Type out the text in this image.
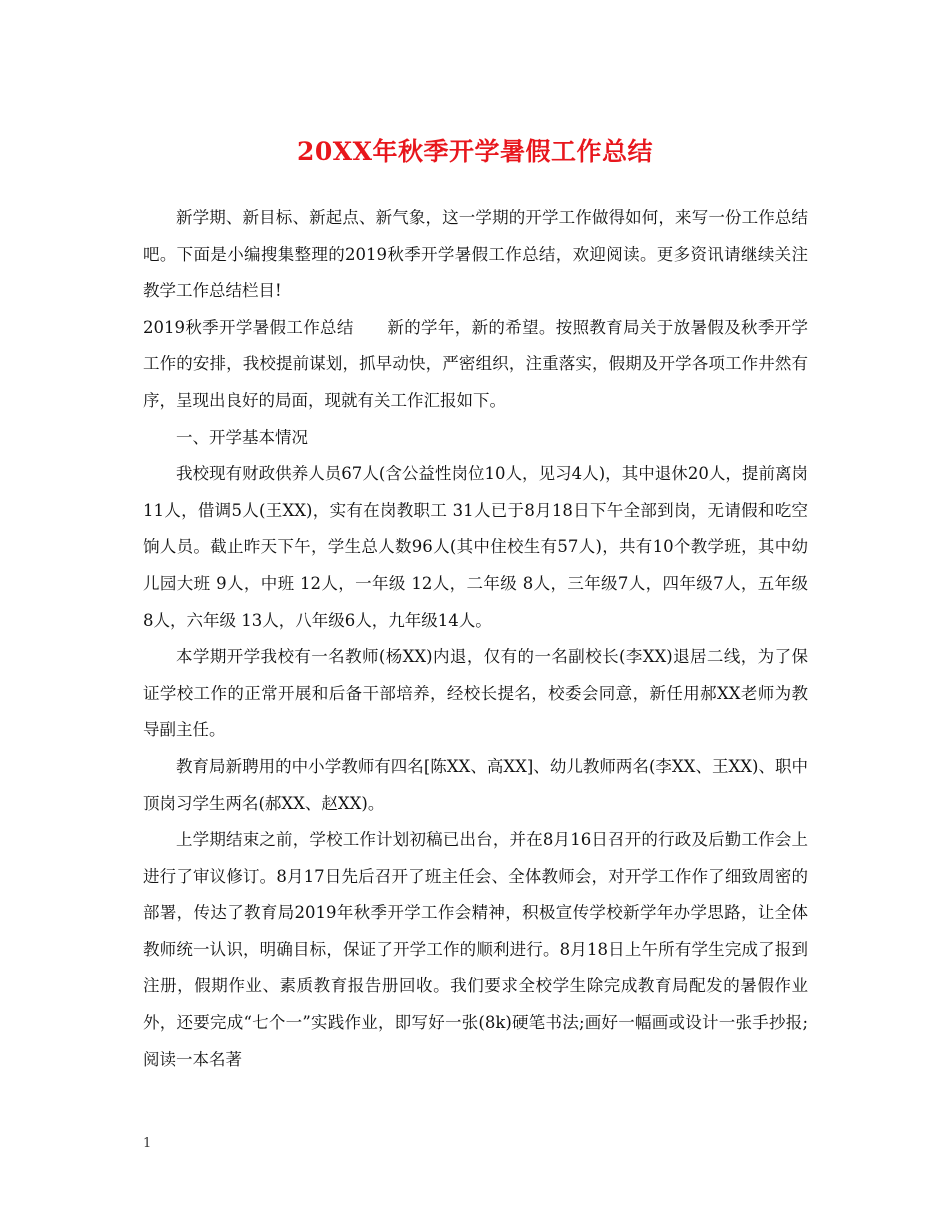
20XX年秋季开学暑假工作总结

新学期、新目标、新起点、新气象，这一学期的开学工作做得如何，来写一份工作总结吧。下面是小编搜集整理的2019秋季开学暑假工作总结，欢迎阅读。更多资讯请继续关注教学工作总结栏目!

2019秋季开学暑假工作总结　　新的学年，新的希望。按照教育局关于放暑假及秋季开学工作的安排，我校提前谋划，抓早动快，严密组织，注重落实，假期及开学各项工作井然有序，呈现出良好的局面，现就有关工作汇报如下。

一、开学基本情况

我校现有财政供养人员67人(含公益性岗位10人，见习4人)，其中退休20人，提前离岗11人，借调5人(王XX)，实有在岗教职工 31人已于8月18日下午全部到岗，无请假和吃空饷人员。截止昨天下午，学生总人数96人(其中住校生有57人)，共有10个教学班，其中幼儿园大班 9人，中班 12人，一年级 12人，二年级 8人，三年级7人，四年级7人，五年级 8人，六年级 13人，八年级6人，九年级14人。

本学期开学我校有一名教师(杨XX)内退，仅有的一名副校长(李XX)退居二线，为了保证学校工作的正常开展和后备干部培养，经校长提名，校委会同意，新任用郝XX老师为教导副主任。

教育局新聘用的中小学教师有四名[陈XX、高XX]、幼儿教师两名(李XX、王XX)、职中顶岗习学生两名(郝XX、赵XX)。

上学期结束之前，学校工作计划初稿已出台，并在8月16日召开的行政及后勤工作会上进行了审议修订。8月17日先后召开了班主任会、全体教师会，对开学工作作了细致周密的部署，传达了教育局2019年秋季开学工作会精神，积极宣传学校新学年办学思路，让全体教师统一认识，明确目标，保证了开学工作的顺利进行。8月18日上午所有学生完成了报到注册，假期作业、素质教育报告册回收。我们要求全校学生除完成教育局配发的暑假作业外，还要完成“七个一”实践作业，即写好一张(8k)硬笔书法;画好一幅画或设计一张手抄报;阅读一本名著

1
